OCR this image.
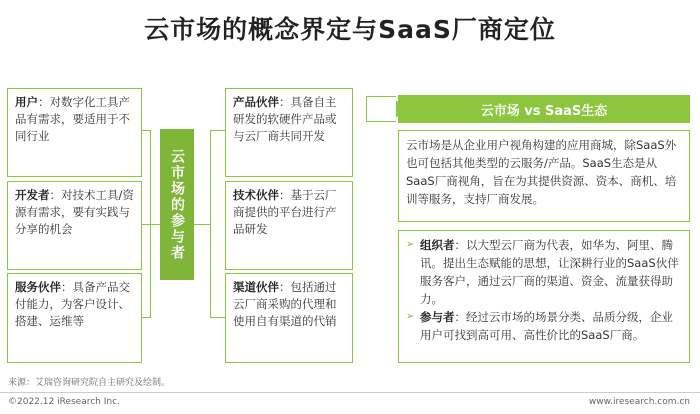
云市场的概念界定与SaaS厂商定位
用户：对数字化工具产品有需求，要适用于不同行业
开发者：对技术工具/资源有需求，要有实践与分享的机会
服务伙伴：具备产品交付能力，为客户设计、搭建、运维等
云市场的
参与者
产品伙伴：具备自主研发的软硬件产品或与云厂商共同开发
技术伙伴：基于云厂商提供的平台进行产品研发
渠道伙伴：包括通过云厂商采购的代理和使用自有渠道的代销
云市场 vs SaaS生态
云市场是从企业用户视角构建的应用商城，除SaaS外也可包括其他类型的云服务/产品。SaaS生态是从SaaS厂商视角，旨在为其提供资源、资本、商机、培训等服务，支持厂商发展。
➢ 组织者：以大型云厂商为代表，如华为、阿里、腾讯。提出生态赋能的思想，让深耕行业的SaaS伙伴服务客户，通过云厂商的渠道、资金、流量获得助力。
➢ 参与者：经过云市场的场景分类、品质分级，企业用户可找到高可用、高性价比的SaaS厂商。
来源：艾瑞咨询研究院自主研究及绘制。
©2022.12 iResearch Inc.	www.iresearch.com.cn
